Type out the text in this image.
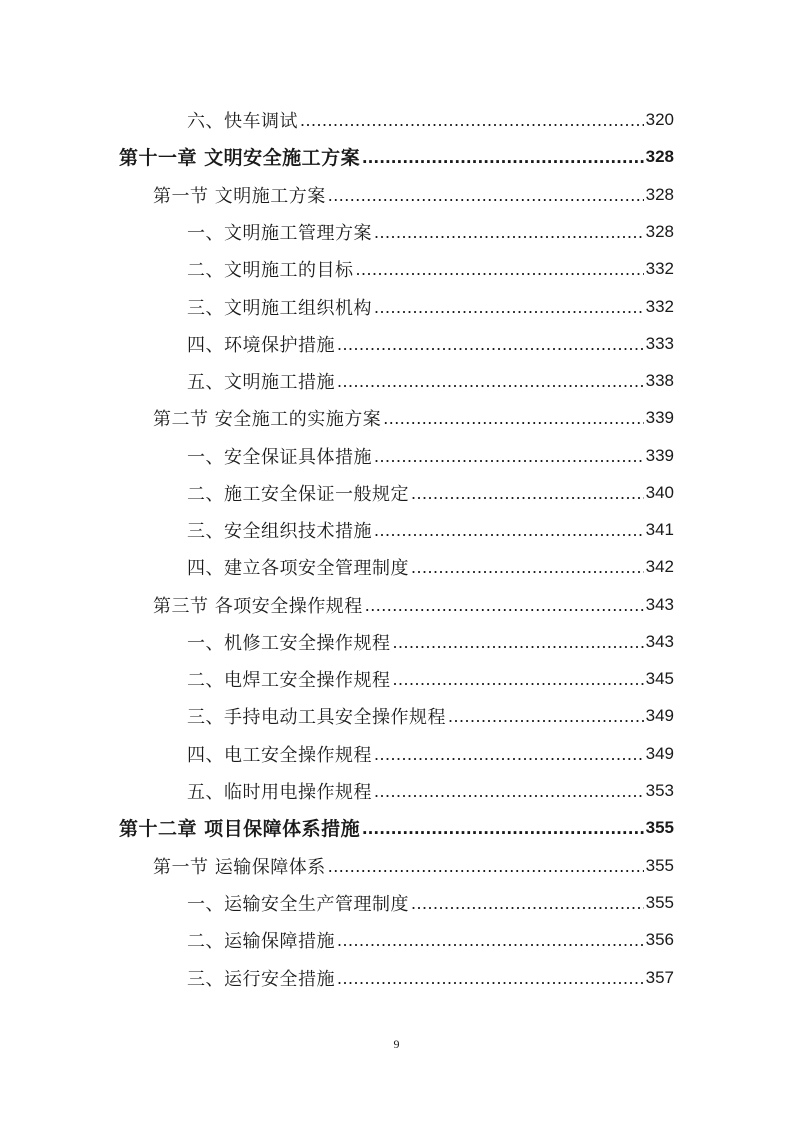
六、快车调试 .....	320
第十一章 文明安全施工方案 .....	328
第一节 文明施工方案 .....	328
一、文明施工管理方案 .....	328
二、文明施工的目标 .....	332
三、文明施工组织机构 .....	332
四、环境保护措施 .....	333
五、文明施工措施 .....	338
第二节 安全施工的实施方案 .....	339
一、安全保证具体措施 .....	339
二、施工安全保证一般规定 .....	340
三、安全组织技术措施 .....	341
四、建立各项安全管理制度 .....	342
第三节 各项安全操作规程 .....	343
一、机修工安全操作规程 .....	343
二、电焊工安全操作规程 .....	345
三、手持电动工具安全操作规程 .....	349
四、电工安全操作规程 .....	349
五、临时用电操作规程 .....	353
第十二章 项目保障体系措施 .....	355
第一节 运输保障体系 .....	355
一、运输安全生产管理制度 .....	355
二、运输保障措施 .....	356
三、运行安全措施 .....	357
9
